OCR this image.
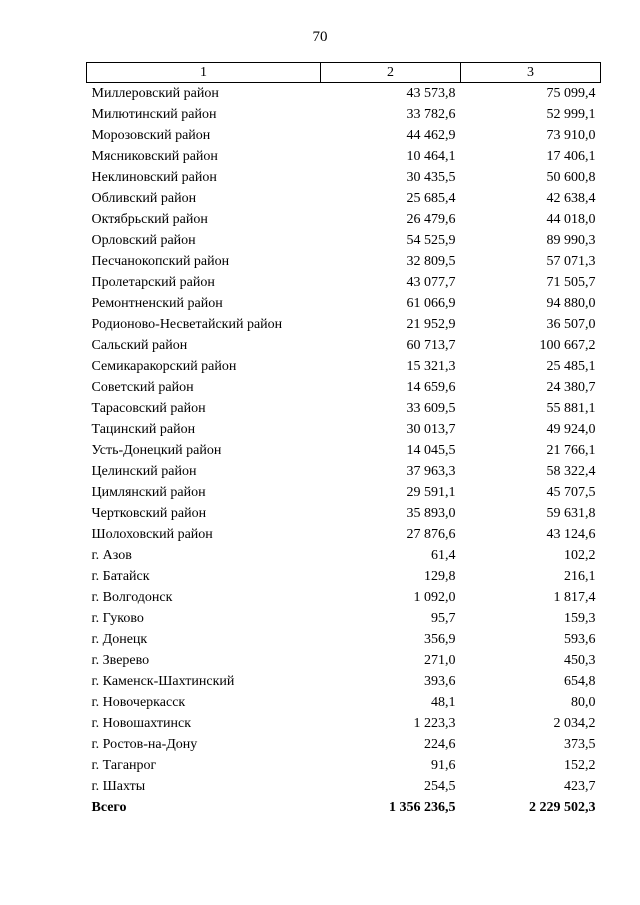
70
1	2	3
Миллеровский район	43 573,8	75 099,4
Милютинский район	33 782,6	52 999,1
Морозовский район	44 462,9	73 910,0
Мясниковский район	10 464,1	17 406,1
Неклиновский район	30 435,5	50 600,8
Обливский район	25 685,4	42 638,4
Октябрьский район	26 479,6	44 018,0
Орловский район	54 525,9	89 990,3
Песчанокопский район	32 809,5	57 071,3
Пролетарский район	43 077,7	71 505,7
Ремонтненский район	61 066,9	94 880,0
Родионово-Несветайский район	21 952,9	36 507,0
Сальский район	60 713,7	100 667,2
Семикаракорский район	15 321,3	25 485,1
Советский район	14 659,6	24 380,7
Тарасовский район	33 609,5	55 881,1
Тацинский район	30 013,7	49 924,0
Усть-Донецкий район	14 045,5	21 766,1
Целинский район	37 963,3	58 322,4
Цимлянский район	29 591,1	45 707,5
Чертковский район	35 893,0	59 631,8
Шолоховский район	27 876,6	43 124,6
г. Азов	61,4	102,2
г. Батайск	129,8	216,1
г. Волгодонск	1 092,0	1 817,4
г. Гуково	95,7	159,3
г. Донецк	356,9	593,6
г. Зверево	271,0	450,3
г. Каменск-Шахтинский	393,6	654,8
г. Новочеркасск	48,1	80,0
г. Новошахтинск	1 223,3	2 034,2
г. Ростов-на-Дону	224,6	373,5
г. Таганрог	91,6	152,2
г. Шахты	254,5	423,7
Всего	1 356 236,5	2 229 502,3
